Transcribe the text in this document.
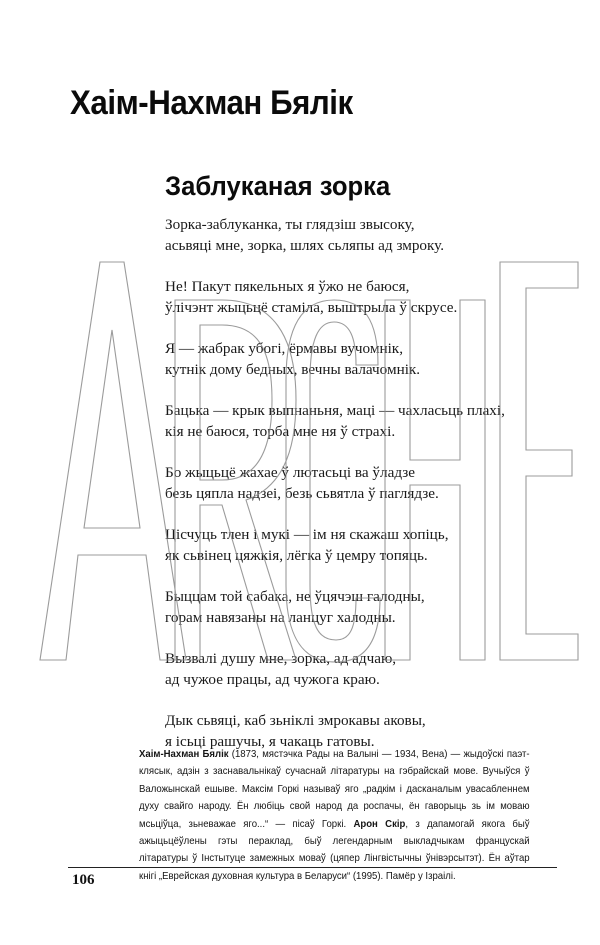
Хаім-Нахман Бялік
Заблуканая зорка
Зорка-заблуканка, ты глядзіш звысоку,
асьвяці мне, зорка, шлях сьляпы ад змроку.
Не! Пакут пякельных я ўжо не баюся,
ўлічэнт жыцьцё стаміла, выштрыла ў скрусе.
Я — жабрак убогі, ёрмавы вучомнік,
кутнік дому бедных, вечны валачомнік.
Бацька — крык выпнаньня, маці — чахласьць плахі,
кія не баюся, торба мне ня ў страхі.
Бо жыцьцё жахае ў лютасьці ва ўладзе
безь цяпла надзеі, безь сьвятла ў паглядзе.
Цісчуць тлен і мукі — ім ня скажаш хопіць,
як сьвінец цяжкія, лёгка ў цемру топяць.
Быццам той сабака, не ўцячэш галодны,
горам навязаны на ланцуг халодны.
Вызвалі душу мне, зорка, ад адчаю,
ад чужое працы, ад чужога краю.
Дык сьвяці, каб зьнiклi змрокавы аковы,
я iсьці рашучы, я чакаць гатовы.

Хаім-Нахман Бялік (1873, мястэчка Рады на Валыні — 1934, Вена) — жыдоўскі паэт-клясык, адзін з заснавальнікаў сучаснай літаратуры на гэбрайскай мове. Вучыўся ў Валожынскай ешыве. Максім Горкі называў яго „радкім і дасканалым увасабленнем духу свайго народу. Ён любіць свой народ да роспачы, ён гаворыць зь ім моваю мсьціўца, зьневажае яго...“ — пісаў Горкі. Арон Скір, з дапамогай якога быў ажыцьцёўлены гэты пераклад, быў легендарным выкладчыкам францускай літаратуры ў Інстытуце замежных моваў (цяпер Лінгвістычны ўнівэрсытэт). Ён аўтар кнігі „Еврейская духовная культура в Беларуси“ (1995). Памёр у Ізраілі.

106
